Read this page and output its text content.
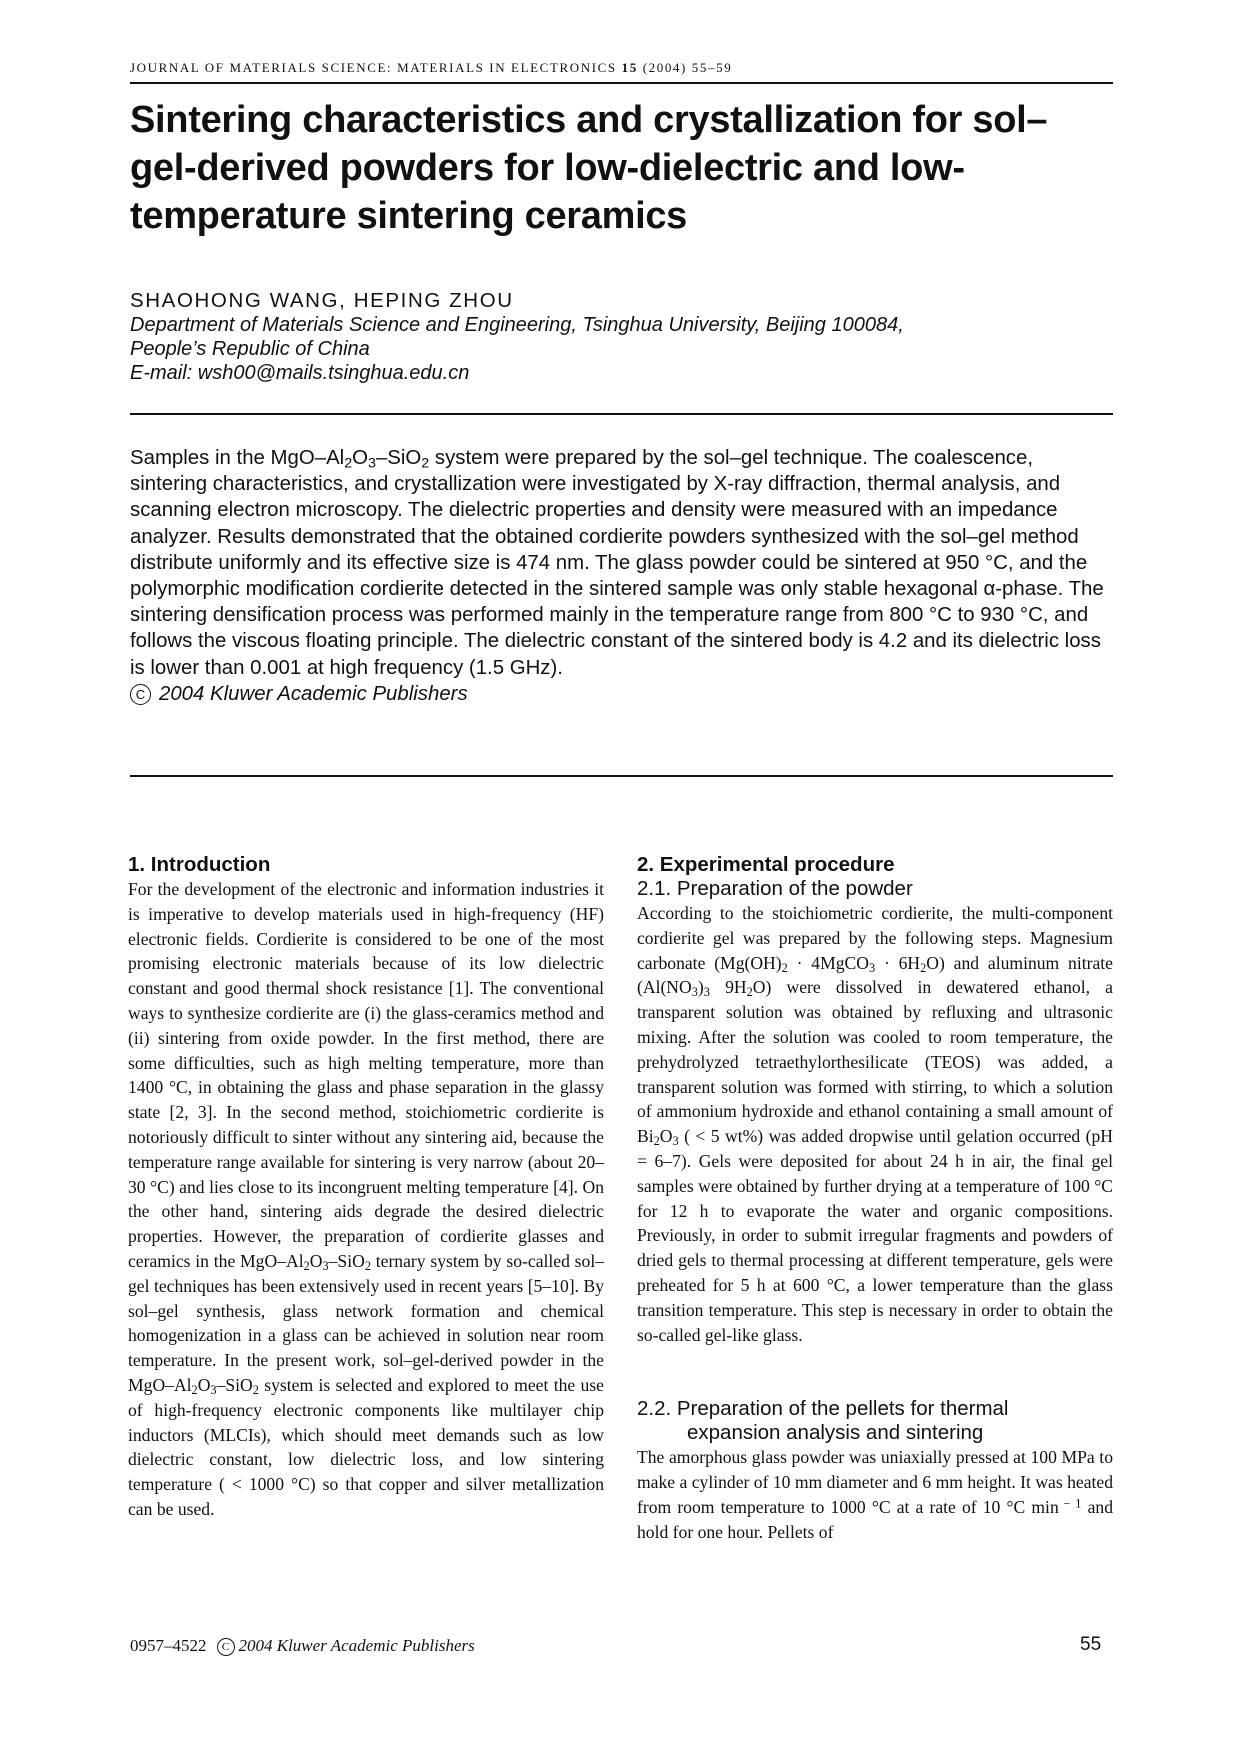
JOURNAL OF MATERIALS SCIENCE: MATERIALS IN ELECTRONICS 15 (2004) 55–59
Sintering characteristics and crystallization for sol–gel-derived powders for low-dielectric and low-temperature sintering ceramics
SHAOHONG WANG, HEPING ZHOU
Department of Materials Science and Engineering, Tsinghua University, Beijing 100084,
People’s Republic of China
E-mail: wsh00@mails.tsinghua.edu.cn

Samples in the MgO–$Al_2O_3-SiO_2$ system were prepared by the sol–gel technique. The coalescence, sintering characteristics, and crystallization were investigated by X-ray diffraction, thermal analysis, and scanning electron microscopy. The dielectric properties and density were measured with an impedance analyzer. Results demonstrated that the obtained cordierite powders synthesized with the sol–gel method distribute uniformly and its effective size is 474 nm. The glass powder could be sintered at 950 °C, and the polymorphic modification cordierite detected in the sintered sample was only stable hexagonal α-phase. The sintering densification process was performed mainly in the temperature range from 800 °C to 930 °C, and follows the viscous floating principle. The dielectric constant of the sintered body is 4.2 and its dielectric loss is lower than 0.001 at high frequency (1.5 GHz).
C 2004 Kluwer Academic Publishers

1. Introduction

For the development of the electronic and information industries it is imperative to develop materials used in high-frequency (HF) electronic fields. Cordierite is considered to be one of the most promising electronic materials because of its low dielectric constant and good thermal shock resistance [1]. The conventional ways to synthesize cordierite are (i) the glass-ceramics method and (ii) sintering from oxide powder. In the first method, there are some difficulties, such as high melting temperature, more than 1400 °C, in obtaining the glass and phase separation in the glassy state [2, 3]. In the second method, stoichiometric cordierite is notoriously difficult to sinter without any sintering aid, because the temperature range available for sintering is very narrow (about 20–30 °C) and lies close to its incongruent melting temperature [4]. On the other hand, sintering aids degrade the desired dielectric properties. However, the preparation of cordierite glasses and ceramics in the MgO–$Al_2O_3-SiO_2$ ternary system by so-called sol–gel techniques has been extensively used in recent years [5–10]. By sol–gel synthesis, glass network formation and chemical homogenization in a glass can be achieved in solution near room temperature. In the present work, sol–gel-derived powder in the MgO–$Al_2O_3-SiO_2$ system is selected and explored to meet the use of high-frequency electronic components like multilayer chip inductors (MLCIs), which should meet demands such as low dielectric constant, low dielectric loss, and low sintering temperature ( < 1000 °C) so that copper and silver metallization can be used.

2. Experimental procedure
2.1. Preparation of the powder

According to the stoichiometric cordierite, the multi-component cordierite gel was prepared by the following steps. Magnesium carbonate ($Mg(OH)_2$ · 4MgCO$_3$ · $6H_2O$) and aluminum nitrate ($Al(NO_3)_3$ $9H_2O$) were dissolved in dewatered ethanol, a transparent solution was obtained by refluxing and ultrasonic mixing. After the solution was cooled to room temperature, the prehydrolyzed tetraethylorthesilicate (TEOS) was added, a transparent solution was formed with stirring, to which a solution of ammonium hydroxide and ethanol containing a small amount of $Bi_2O_3$ ( < 5 wt%) was added dropwise until gelation occurred (pH = 6–7). Gels were deposited for about 24 h in air, the final gel samples were obtained by further drying at a temperature of 100 °C for 12 h to evaporate the water and organic compositions. Previously, in order to submit irregular fragments and powders of dried gels to thermal processing at different temperature, gels were preheated for 5 h at 600 °C, a lower temperature than the glass transition temperature. This step is necessary in order to obtain the so-called gel-like glass.

2.2. Preparation of the pellets for thermal
expansion analysis and sintering

The amorphous glass powder was uniaxially pressed at 100 MPa to make a cylinder of 10 mm diameter and 6 mm height. It was heated from room temperature to 1000 °C at a rate of 10 °C min $^{- 1}$ and hold for one hour. Pellets of

0957–4522 C 2004 Kluwer Academic Publishers	55
